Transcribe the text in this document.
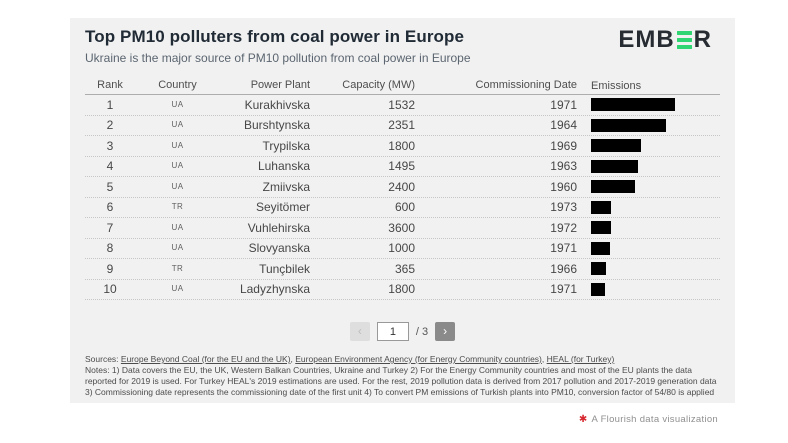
Top PM10 polluters from coal power in Europe
Ukraine is the major source of PM10 pollution from coal power in Europe
EMB R
Rank	Country	Power Plant	Capacity (MW)	Commissioning Date	Emissions
1	UA	Kurakhivska	1532	1971
2	UA	Burshtynska	2351	1964
3	UA	Trypilska	1800	1969
4	UA	Luhanska	1495	1963
5	UA	Zmiivska	2400	1960
6	TR	Seyitömer	600	1973
7	UA	Vuhlehirska	3600	1972
8	UA	Slovyanska	1000	1971
9	TR	Tunçbilek	365	1966
10	UA	Ladyzhynska	1800	1971
‹
1	/ 3 ›
Sources: Europe Beyond Coal (for the EU and the UK), European Environment Agency (for Energy Community countries), HEAL (for Turkey)
Notes: 1) Data covers the EU, the UK, Western Balkan Countries, Ukraine and Turkey 2) For the Energy Community countries and most of the EU plants the data reported for 2019 is used. For Turkey HEAL's 2019 estimations are used. For the rest, 2019 pollution data is derived from 2017 pollution and 2017-2019 generation data 3) Commissioning date represents the commissioning date of the first unit 4) To convert PM emissions of Turkish plants into PM10, conversion factor of 54/80 is applied
✱ A Flourish data visualization
